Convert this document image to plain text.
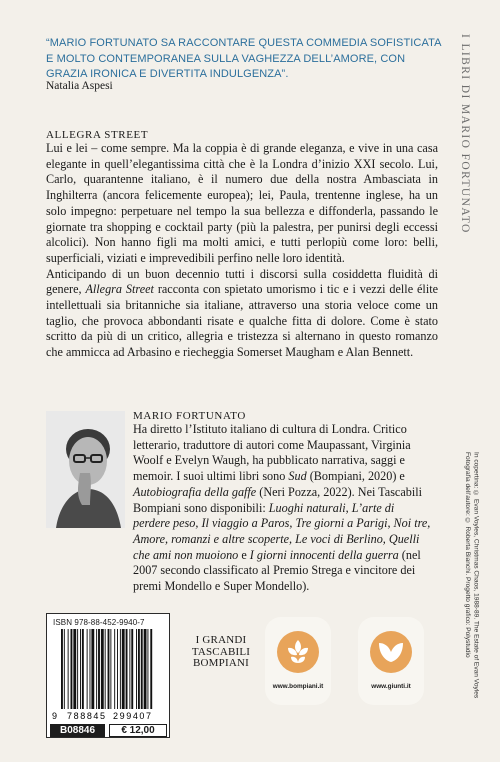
“MARIO FORTUNATO SA RACCONTARE QUESTA COMMEDIA SOFISTICATA E MOLTO CONTEMPORANEA SULLA VAGHEZZA DELL’AMORE, CON GRAZIA IRONICA E DIVERTITA INDULGENZA”.
Natalia Aspesi	I LIBRI DI MARIO FORTUNATO
ALLEGRA STREET
Lui e lei – come sempre. Ma la coppia è di grande eleganza, e vive in una casa elegante in quell’elegantissima città che è la Londra d’inizio XXI secolo. Lui, Carlo, quarantenne italiano, è il numero due della nostra Ambasciata in Inghilterra (ancora felicemente europea); lei, Paula, trentenne inglese, ha un solo impegno: perpetuare nel tempo la sua bellezza e diffonderla, passando le giornate tra shopping e cocktail party (più la palestra, per punirsi degli eccessi alcolici). Non hanno figli ma molti amici, e tutti perlopiù come loro: belli, superficiali, viziati e imprevedibili perfino nelle loro identità.
Anticipando di un buon decennio tutti i discorsi sulla cosiddetta fluidità di genere, Allegra Street racconta con spietato umorismo i tic e i vezzi delle élite intellettuali sia britanniche sia italiane, attraverso una storia veloce come un taglio, che provoca abbondanti risate e qualche fitta di dolore. Come è stato scritto da più di un critico, allegria e tristezza si alternano in questo romanzo che ammicca ad Arbasino e riecheggia Somerset Maugham e Alan Bennett.
MARIO FORTUNATO
Ha diretto l’Istituto italiano di cultura di Londra. Critico letterario, traduttore di autori come Maupassant, Virginia Woolf e Evelyn Waugh, ha pubblicato narrativa, saggi e memoir. I suoi ultimi libri sono Sud (Bompiani, 2020) e Autobiografia della gaffe (Neri Pozza, 2022). Nei Tascabili Bompiani sono disponibili: Luoghi naturali, L’arte di perdere peso, Il viaggio a Paros, Tre giorni a Parigi, Noi tre, Amore, romanzi e altre scoperte, Le voci di Berlino, Quelli che ami non muoiono e I giorni innocenti della guerra (nel 2007 secondo classificato al Premio Strega e vincitore dei premi Mondello e Super Mondello).
ISBN 978-88-452-9940-7
9 788845 299407
B08846	€ 12,00
I GRANDI
TASCABILI
BOMPIANI
www.bompiani.it	www.giunti.it	In copertina: © Evan Voyles, Christmas Chaos, 1988-89. The Estate of Evan Voyles
Fotografia dell’autore: © Roberta Bianchi. Progetto grafico: Polystudio
